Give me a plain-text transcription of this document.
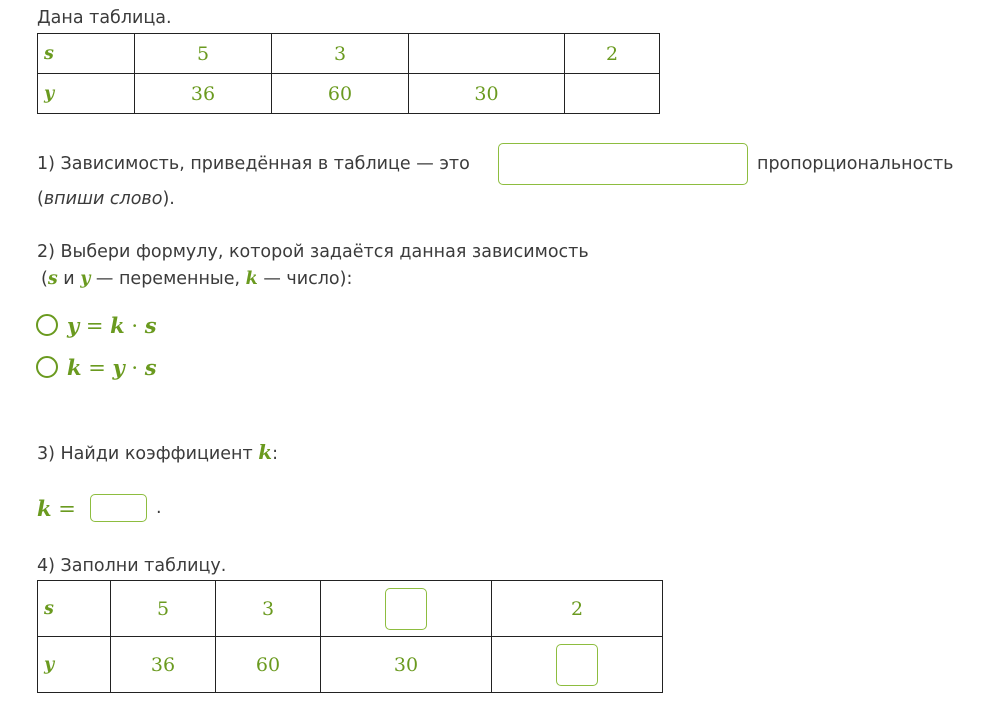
Дана таблица.
s	5	3		2
y	36	60	30	
1) Зависимость, приведённая в таблице — это	пропорциональность
(впиши слово).
2) Выбери формулу, которой задаётся данная зависимость
(s и y — переменные, k — число):
y = k · s
k = y · s
3) Найди коэффициент k:
k =	.
4) Заполни таблицу.
s	5	3		2
y	36	60	30	
